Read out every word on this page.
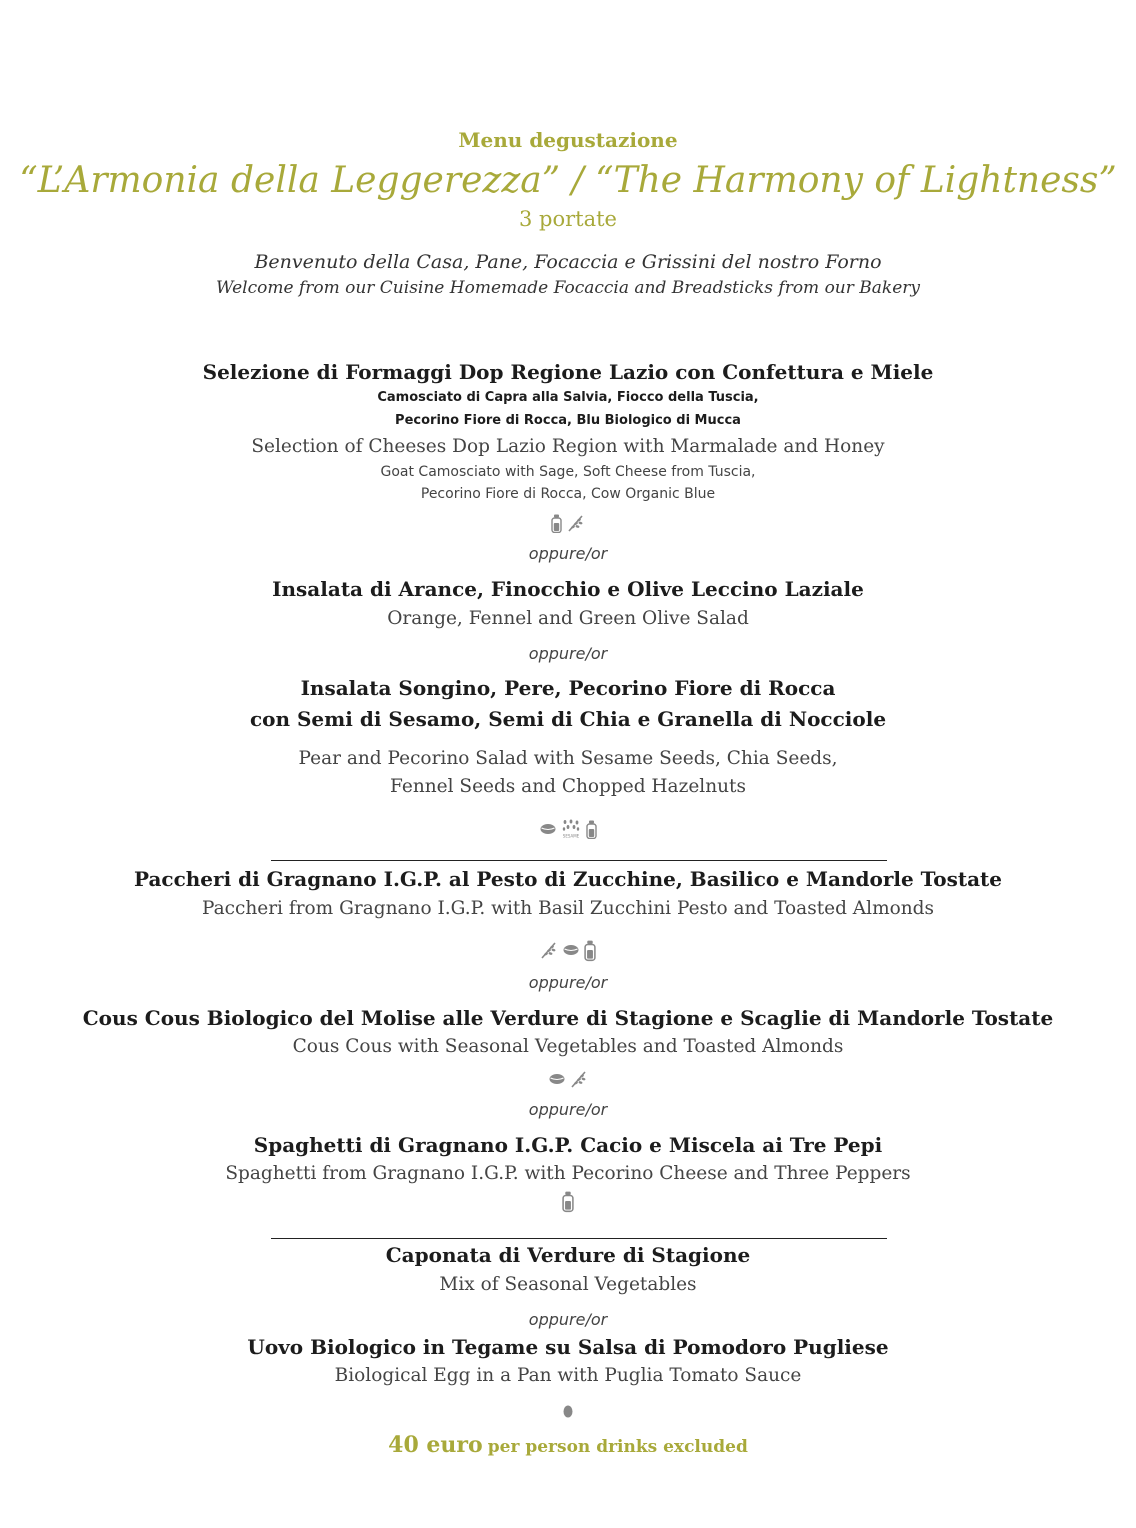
Menu degustazione
“L’Armonia della Leggerezza” / “The Harmony of Lightness”
3 portate
Benvenuto della Casa, Pane, Focaccia e Grissini del nostro Forno
Welcome from our Cuisine Homemade Focaccia and Breadsticks from our Bakery
Selezione di Formaggi Dop Regione Lazio con Confettura e Miele
Camosciato di Capra alla Salvia, Fiocco della Tuscia,
Pecorino Fiore di Rocca, Blu Biologico di Mucca
Selection of Cheeses Dop Lazio Region with Marmalade and Honey
Goat Camosciato with Sage, Soft Cheese from Tuscia,
Pecorino Fiore di Rocca, Cow Organic Blue
oppure/or
Insalata di Arance, Finocchio e Olive Leccino Laziale
Orange, Fennel and Green Olive Salad
oppure/or
Insalata Songino, Pere, Pecorino Fiore di Rocca
con Semi di Sesamo, Semi di Chia e Granella di Nocciole
Pear and Pecorino Salad with Sesame Seeds, Chia Seeds,
Fennel Seeds and Chopped Hazelnuts
SESAME
Paccheri di Gragnano I.G.P. al Pesto di Zucchine, Basilico e Mandorle Tostate
Paccheri from Gragnano I.G.P. with Basil Zucchini Pesto and Toasted Almonds
oppure/or
Cous Cous Biologico del Molise alle Verdure di Stagione e Scaglie di Mandorle Tostate
Cous Cous with Seasonal Vegetables and Toasted Almonds
oppure/or
Spaghetti di Gragnano I.G.P. Cacio e Miscela ai Tre Pepi
Spaghetti from Gragnano I.G.P. with Pecorino Cheese and Three Peppers
Caponata di Verdure di Stagione
Mix of Seasonal Vegetables
oppure/or
Uovo Biologico in Tegame su Salsa di Pomodoro Pugliese
Biological Egg in a Pan with Puglia Tomato Sauce
40 euro per person drinks excluded
